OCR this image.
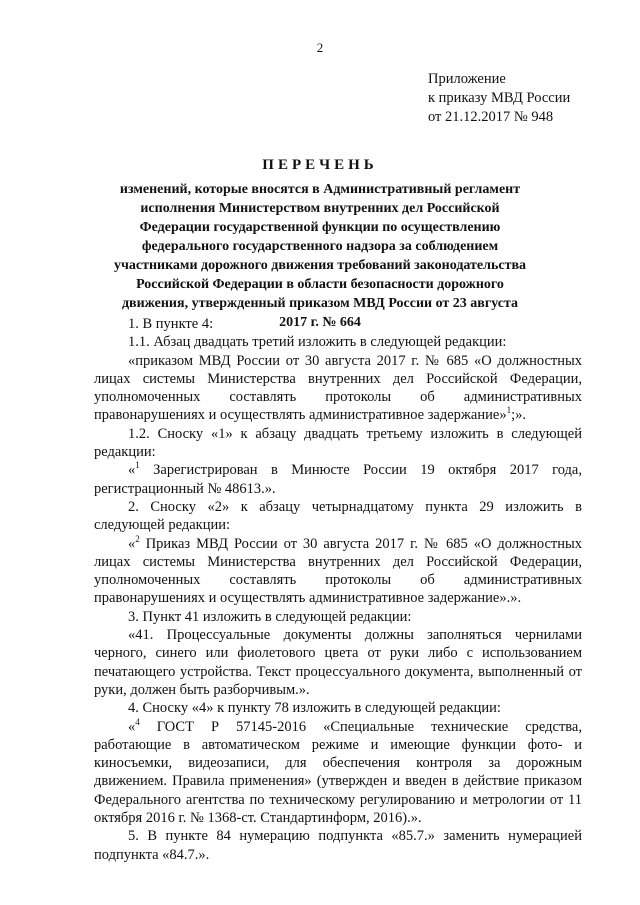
2
Приложение
к приказу МВД России
от 21.12.2017 № 948
ПЕРЕЧЕНЬ
изменений, которые вносятся в Административный регламент исполнения Министерством внутренних дел Российской Федерации государственной функции по осуществлению федерального государственного надзора за соблюдением участниками дорожного движения требований законодательства Российской Федерации в области безопасности дорожного движения, утвержденный приказом МВД России от 23 августа 2017 г. № 664

1. В пункте 4:

1.1. Абзац двадцать третий изложить в следующей редакции:

«приказом МВД России от 30 августа 2017 г. № 685 «О должностных лицах системы Министерства внутренних дел Российской Федерации, уполномоченных составлять протоколы об административных правонарушениях и осуществлять административное задержание»$^1$;».

1.2. Сноску «1» к абзацу двадцать третьему изложить в следующей редакции:

«$^1$ Зарегистрирован в Минюсте России 19 октября 2017 года, регистрационный № 48613.».

2. Сноску «2» к абзацу четырнадцатому пункта 29 изложить в следующей редакции:

«$^2$ Приказ МВД России от 30 августа 2017 г. № 685 «О должностных лицах системы Министерства внутренних дел Российской Федерации, уполномоченных составлять протоколы об административных правонарушениях и осуществлять административное задержание».».

3. Пункт 41 изложить в следующей редакции:

«41. Процессуальные документы должны заполняться чернилами черного, синего или фиолетового цвета от руки либо с использованием печатающего устройства. Текст процессуального документа, выполненный от руки, должен быть разборчивым.».

4. Сноску «4» к пункту 78 изложить в следующей редакции:

«$^4$ ГОСТ Р 57145-2016 «Специальные технические средства, работающие в автоматическом режиме и имеющие функции фото- и киносъемки, видеозаписи, для обеспечения контроля за дорожным движением. Правила применения» (утвержден и введен в действие приказом Федерального агентства по техническому регулированию и метрологии от 11 октября 2016 г. № 1368-ст. Стандартинформ, 2016).».

5. В пункте 84 нумерацию подпункта «85.7.» заменить нумерацией подпункта «84.7.».
